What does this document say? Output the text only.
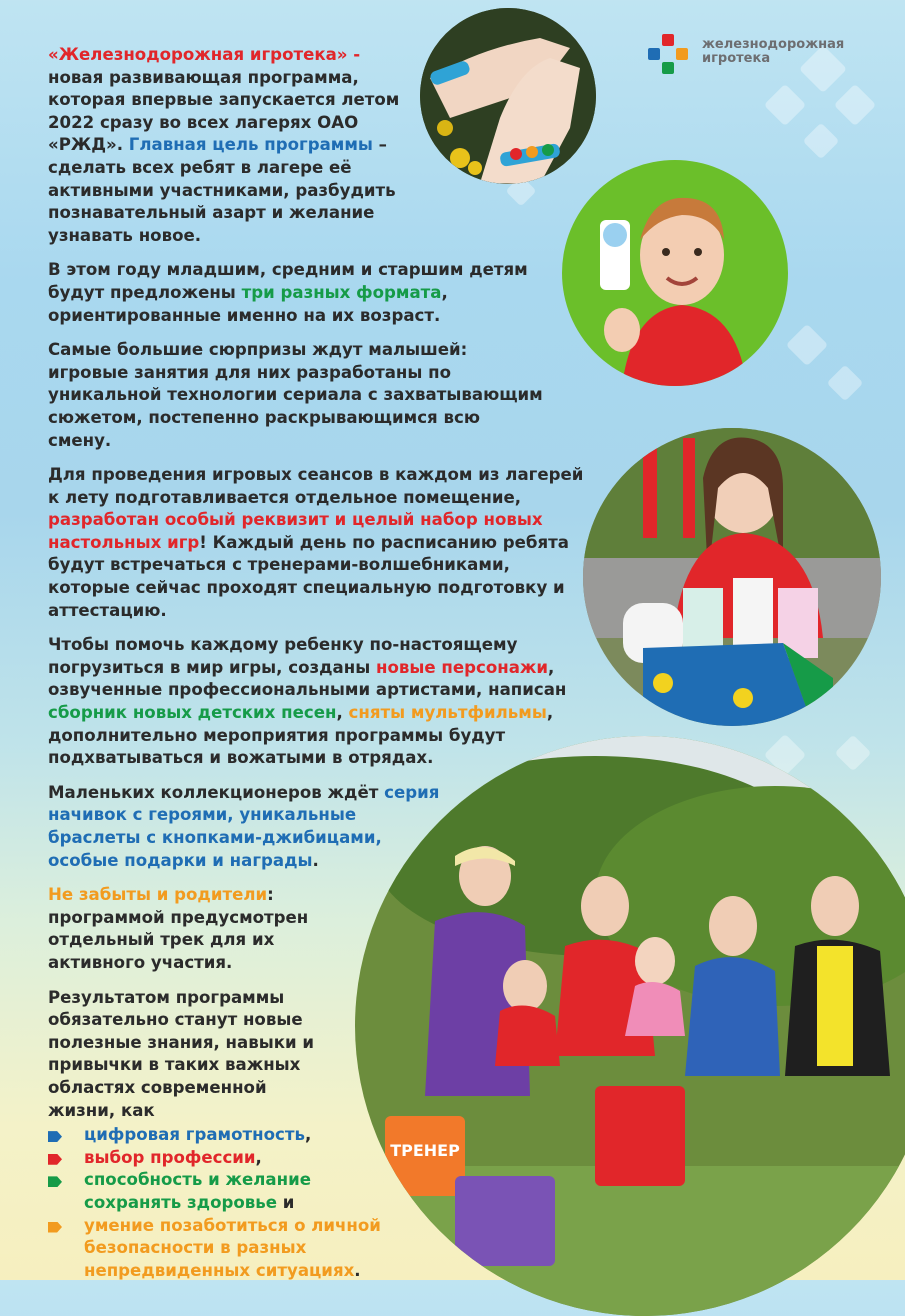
железнодорожная
игротека
ТРЕНЕР

«Железнодорожная игротека» - новая развивающая программа, которая впервые запускается летом 2022 сразу во всех лагерях ОАО «РЖД». Главная цель программы – сделать всех ребят в лагере её активными участниками, разбудить познавательный азарт и желание узнавать новое.

В этом году младшим, средним и старшим детям будут предложены три разных формата, ориентированные именно на их возраст.

Самые большие сюрпризы ждут малышей: игровые занятия для них разработаны по уникальной технологии сериала с захватывающим сюжетом, постепенно раскрывающимся всю смену.

Для проведения игровых сеансов в каждом из лагерей к лету подготавливается отдельное помещение, разработан особый реквизит и целый набор новых настольных игр! Каждый день по расписанию ребята будут встречаться с тренерами-волшебниками, которые сейчас проходят специальную подготовку и аттестацию.

Чтобы помочь каждому ребенку по-настоящему погрузиться в мир игры, созданы новые персонажи, озвученные профессиональными артистами, написан сборник новых детских песен, сняты мультфильмы, дополнительно мероприятия программы будут подхватываться и вожатыми в отрядах.

Маленьких коллекционеров ждёт серия начивок с героями, уникальные браслеты с кнопками-джибицами, особые подарки и награды.

Не забыты и родители: программой предусмотрен отдельный трек для их активного участия.

Результатом программы обязательно станут новые полезные знания, навыки и привычки в таких важных областях современной жизни, как

цифровая грамотность,
выбор профессии,
способность и желание сохранять здоровье и
умение позаботиться о личной безопасности в разных непредвиденных ситуациях.
